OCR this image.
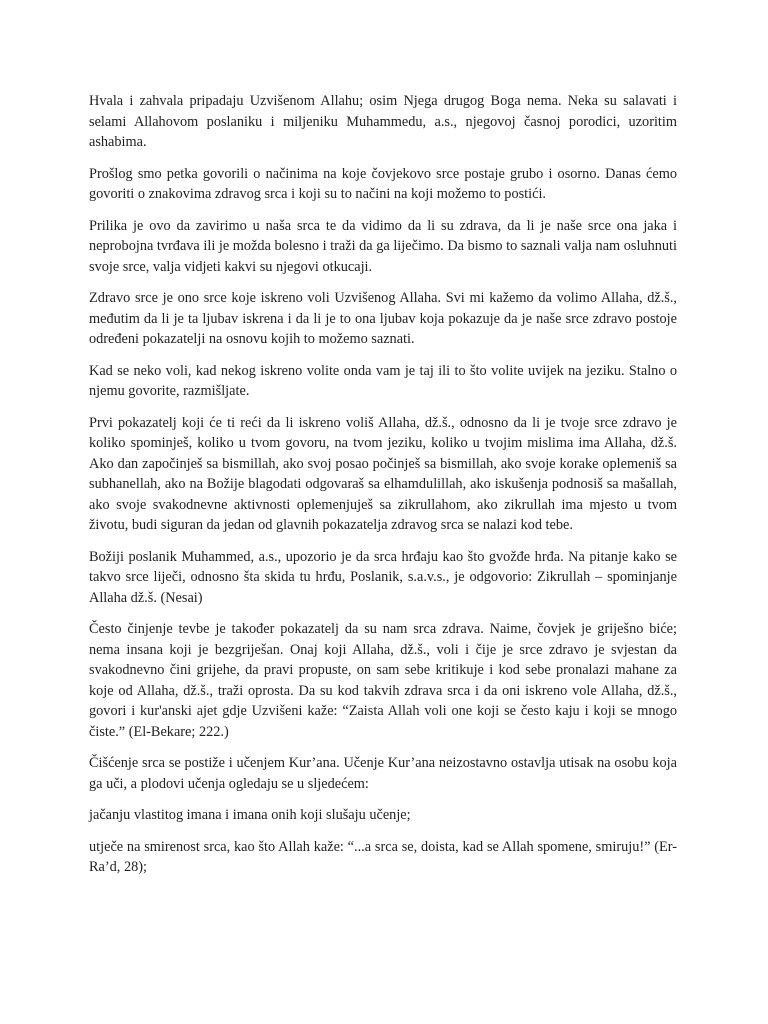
Hvala i zahvala pripadaju Uzvišenom Allahu; osim Njega drugog Boga nema. Neka su salavati i selami Allahovom poslaniku i miljeniku Muhammedu, a.s., njegovoj časnoj porodici, uzoritim ashabima.

Prošlog smo petka govorili o načinima na koje čovjekovo srce postaje grubo i osorno. Danas ćemo govoriti o znakovima zdravog srca i koji su to načini na koji možemo to postići.

Prilika je ovo da zavirimo u naša srca te da vidimo da li su zdrava, da li je naše srce ona jaka i neprobojna tvrđava ili je možda bolesno i traži da ga liječimo. Da bismo to saznali valja nam osluhnuti svoje srce, valja vidjeti kakvi su njegovi otkucaji.

Zdravo srce je ono srce koje iskreno voli Uzvišenog Allaha. Svi mi kažemo da volimo Allaha, dž.š., međutim da li je ta ljubav iskrena i da li je to ona ljubav koja pokazuje da je naše srce zdravo postoje određeni pokazatelji na osnovu kojih to možemo saznati.

Kad se neko voli, kad nekog iskreno volite onda vam je taj ili to što volite uvijek na jeziku. Stalno o njemu govorite, razmišljate.

Prvi pokazatelj koji će ti reći da li iskreno voliš Allaha, dž.š., odnosno da li je tvoje srce zdravo je koliko spominješ, koliko u tvom govoru, na tvom jeziku, koliko u tvojim mislima ima Allaha, dž.š. Ako dan započinješ sa bismillah, ako svoj posao počinješ sa bismillah, ako svoje korake oplemeniš sa subhanellah, ako na Božije blagodati odgovaraš sa elhamdulillah, ako iskušenja podnosiš sa mašallah, ako svoje svakodnevne aktivnosti oplemenjuješ sa zikrullahom, ako zikrullah ima mjesto u tvom životu, budi siguran da jedan od glavnih pokazatelja zdravog srca se nalazi kod tebe.

Božiji poslanik Muhammed, a.s., upozorio je da srca hrđaju kao što gvožđe hrđa. Na pitanje kako se takvo srce liječi, odnosno šta skida tu hrđu, Poslanik, s.a.v.s., je odgovorio: Zikrullah – spominjanje Allaha dž.š. (Nesai)

Često činjenje tevbe je također pokazatelj da su nam srca zdrava. Naime, čovjek je griješno biće; nema insana koji je bezgriješan. Onaj koji Allaha, dž.š., voli i čije je srce zdravo je svjestan da svakodnevno čini grijehe, da pravi propuste, on sam sebe kritikuje i kod sebe pronalazi mahane za koje od Allaha, dž.š., traži oprosta. Da su kod takvih zdrava srca i da oni iskreno vole Allaha, dž.š., govori i kur'anski ajet gdje Uzvišeni kaže: “Zaista Allah voli one koji se često kaju i koji se mnogo čiste.” (El-Bekare; 222.)

Čišćenje srca se postiže i učenjem Kur’ana. Učenje Kur’ana neizostavno ostavlja utisak na osobu koja ga uči, a plodovi učenja ogledaju se u sljedećem:

jačanju vlastitog imana i imana onih koji slušaju učenje;

utječe na smirenost srca, kao što Allah kaže: “...a srca se, doista, kad se Allah spomene, smiruju!” (Er-Ra’d, 28);
